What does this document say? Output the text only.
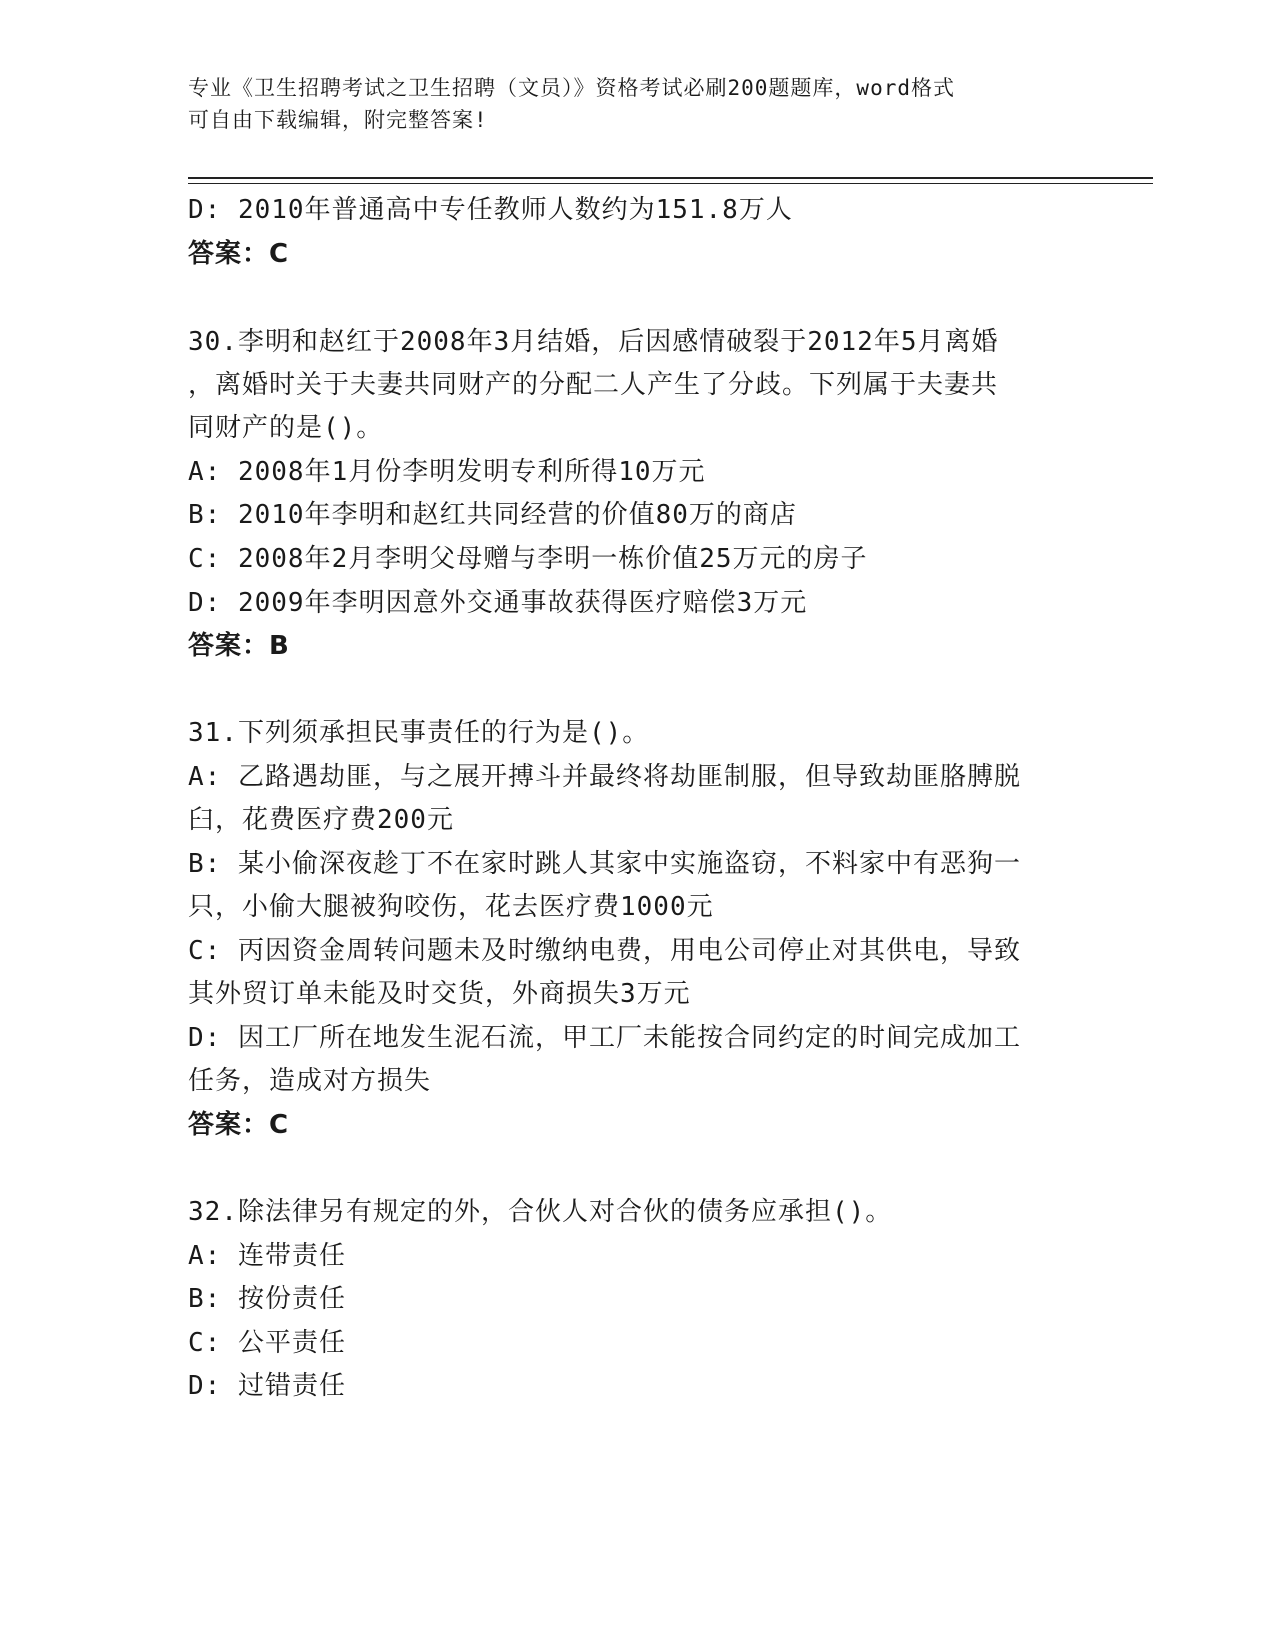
专业《卫生招聘考试之卫生招聘（文员）》资格考试必刷200题题库，word格式
可自由下载编辑，附完整答案!
D: 2010年普通高中专任教师人数约为151.8万人
答案：C
30.李明和赵红于2008年3月结婚，后因感情破裂于2012年5月离婚
，离婚时关于夫妻共同财产的分配二人产生了分歧。下列属于夫妻共
同财产的是()。
A: 2008年1月份李明发明专利所得10万元
B: 2010年李明和赵红共同经营的价值80万的商店
C: 2008年2月李明父母赠与李明一栋价值25万元的房子
D: 2009年李明因意外交通事故获得医疗赔偿3万元
答案：B
31.下列须承担民事责任的行为是()。
A: 乙路遇劫匪，与之展开搏斗并最终将劫匪制服，但导致劫匪胳膊脱
臼，花费医疗费200元
B: 某小偷深夜趁丁不在家时跳人其家中实施盗窃，不料家中有恶狗一
只，小偷大腿被狗咬伤，花去医疗费1000元
C: 丙因资金周转问题未及时缴纳电费，用电公司停止对其供电，导致
其外贸订单未能及时交货，外商损失3万元
D: 因工厂所在地发生泥石流，甲工厂未能按合同约定的时间完成加工
任务，造成对方损失
答案：C
32.除法律另有规定的外，合伙人对合伙的债务应承担()。
A: 连带责任
B: 按份责任
C: 公平责任
D: 过错责任
